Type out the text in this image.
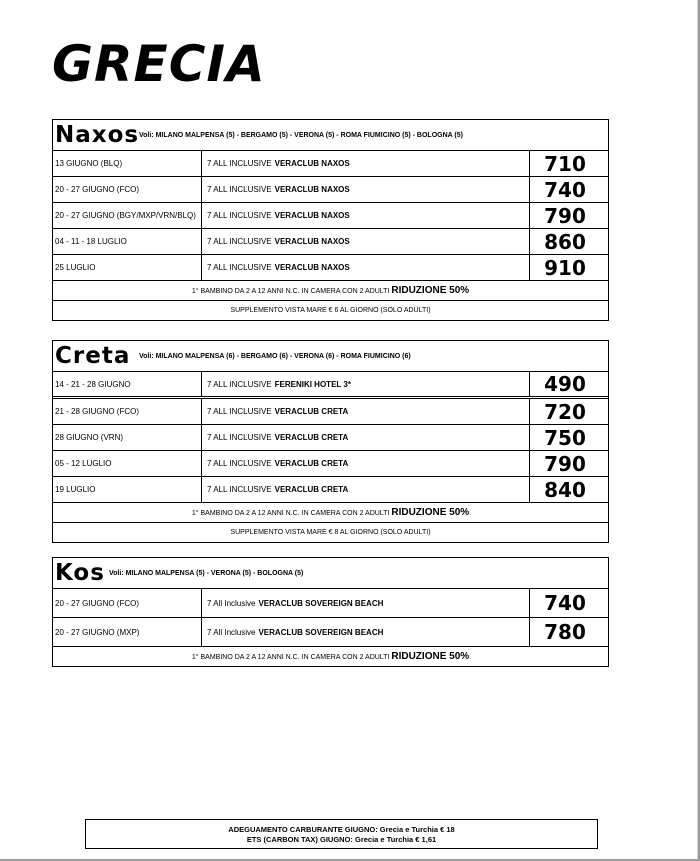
GRECIA
Naxos Voli: MILANO MALPENSA (5) - BERGAMO (5) - VERONA (5) - ROMA FIUMICINO (5) - BOLOGNA (5)
13 GIUGNO (BLQ)	7 ALL INCLUSIVE VERACLUB NAXOS	710
20 - 27 GIUGNO (FCO)	7 ALL INCLUSIVE VERACLUB NAXOS	740
20 - 27 GIUGNO (BGY/MXP/VRN/BLQ)	7 ALL INCLUSIVE VERACLUB NAXOS	790
04 - 11 - 18 LUGLIO	7 ALL INCLUSIVE VERACLUB NAXOS	860
25 LUGLIO	7 ALL INCLUSIVE VERACLUB NAXOS	910
1° BAMBINO DA 2 A 12 ANNI N.C. IN CAMERA CON 2 ADULTI RIDUZIONE 50%
SUPPLEMENTO VISTA MARE € 6 AL GIORNO (SOLO ADULTI)
Creta Voli: MILANO MALPENSA (6) - BERGAMO (6) - VERONA (6) - ROMA FIUMICINO (6)
14 - 21 - 28 GIUGNO	7 ALL INCLUSIVE FERENIKI HOTEL 3*	490
21 - 28 GIUGNO (FCO)	7 ALL INCLUSIVE VERACLUB CRETA	720
28 GIUGNO (VRN)	7 ALL INCLUSIVE VERACLUB CRETA	750
05 - 12 LUGLIO	7 ALL INCLUSIVE VERACLUB CRETA	790
19 LUGLIO	7 ALL INCLUSIVE VERACLUB CRETA	840
1° BAMBINO DA 2 A 12 ANNI N.C. IN CAMERA CON 2 ADULTI RIDUZIONE 50%
SUPPLEMENTO VISTA MARE € 8 AL GIORNO (SOLO ADULTI)
Kos Voli: MILANO MALPENSA (5) - VERONA (5) - BOLOGNA (5)
20 - 27 GIUGNO (FCO)	7 All Inclusive VERACLUB SOVEREIGN BEACH	740
20 - 27 GIUGNO (MXP)	7 All Inclusive VERACLUB SOVEREIGN BEACH	780
1° BAMBINO DA 2 A 12 ANNI N.C. IN CAMERA CON 2 ADULTI RIDUZIONE 50%
ADEGUAMENTO CARBURANTE GIUGNO: Grecia e Turchia € 18
ETS (CARBON TAX) GIUGNO: Grecia e Turchia € 1,61
